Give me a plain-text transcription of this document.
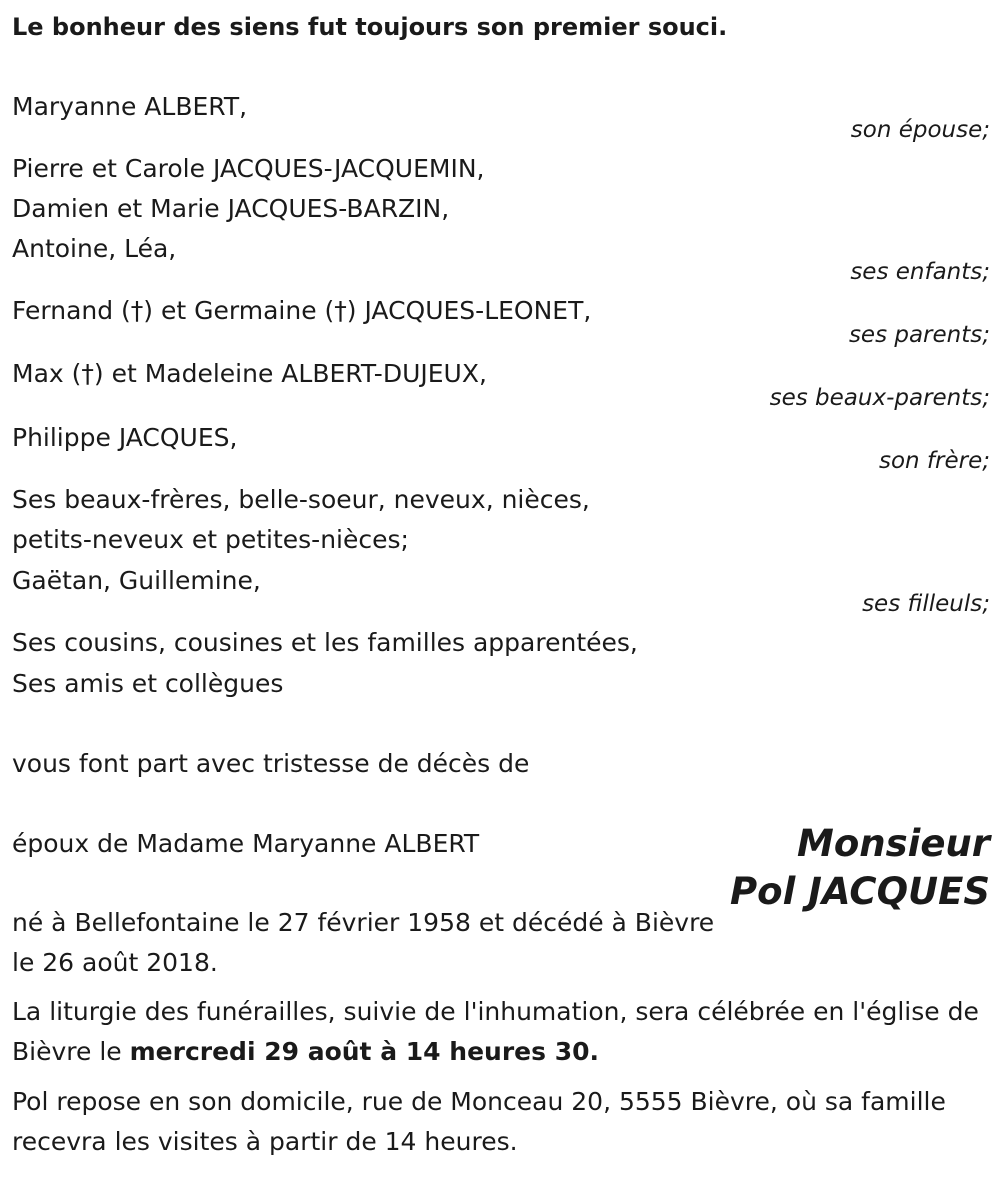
Le bonheur des siens fut toujours son premier souci.
Maryanne ALBERT,
son épouse;
Pierre et Carole JACQUES-JACQUEMIN,
Damien et Marie JACQUES-BARZIN,
Antoine, Léa,
ses enfants;
Fernand (†) et Germaine (†) JACQUES-LEONET,
ses parents;
Max (†) et Madeleine ALBERT-DUJEUX,
ses beaux-parents;
Philippe JACQUES,
son frère;
Ses beaux-frères, belle-soeur, neveux, nièces,
petits-neveux et petites-nièces;
Gaëtan, Guillemine,
ses filleuls;
Ses cousins, cousines et les familles apparentées,
Ses amis et collègues
vous font part avec tristesse de décès de
époux de Madame Maryanne ALBERT	Monsieur
Pol JACQUES
né à Bellefontaine le 27 février 1958 et décédé à Bièvre
le 26 août 2018.
La liturgie des funérailles, suivie de l'inhumation, sera célébrée en l'église de Bièvre le mercredi 29 août à 14 heures 30.
Pol repose en son domicile, rue de Monceau 20, 5555 Bièvre, où sa famille recevra les visites à partir de 14 heures.
